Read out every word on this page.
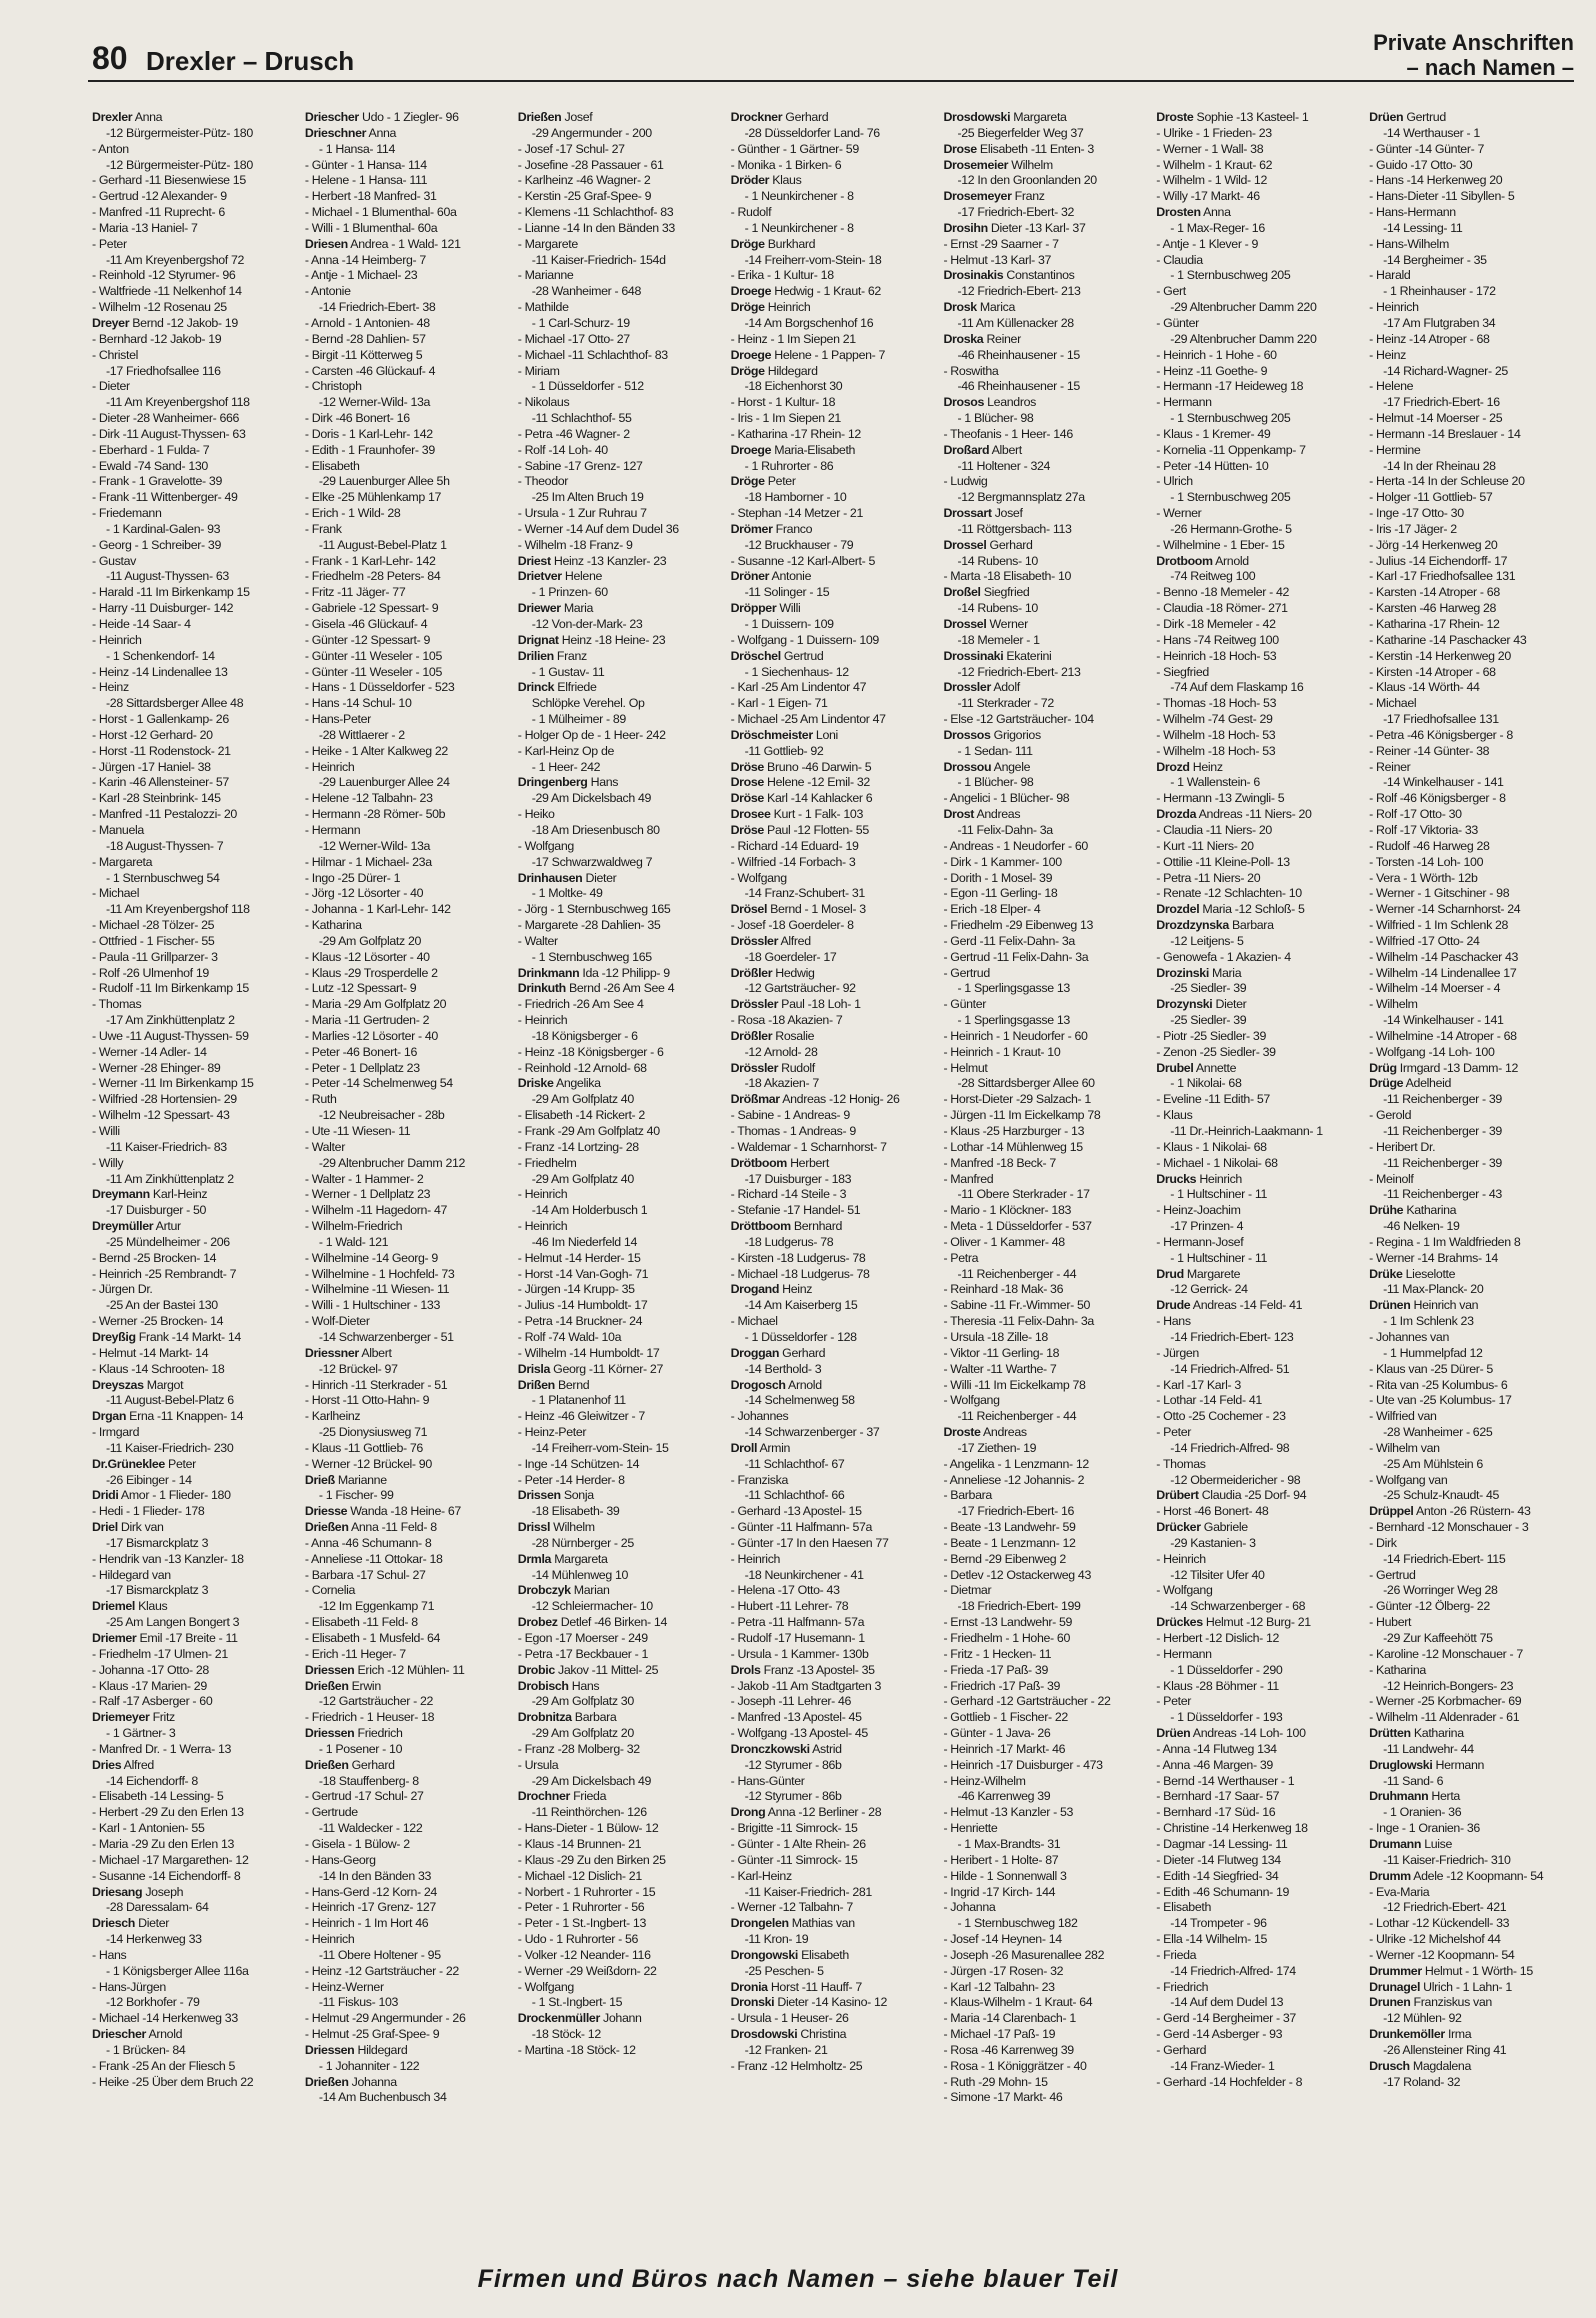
80 Drexler – Drusch
Private Anschriften
– nach Namen –
Drexler Anna
-12 Bürgermeister-Pütz- 180
- Anton
-12 Bürgermeister-Pütz- 180
- Gerhard -11 Biesenwiese 15
- Gertrud -12 Alexander- 9
- Manfred -11 Ruprecht- 6
- Maria -13 Haniel- 7
- Peter
-11 Am Kreyenbergshof 72
- Reinhold -12 Styrumer- 96
- Waltfriede -11 Nelkenhof 14
- Wilhelm -12 Rosenau 25
Dreyer Bernd -12 Jakob- 19
- Bernhard -12 Jakob- 19
- Christel
-17 Friedhofsallee 116
- Dieter
-11 Am Kreyenbergshof 118
- Dieter -28 Wanheimer- 666
- Dirk -11 August-Thyssen- 63
- Eberhard - 1 Fulda- 7
- Ewald -74 Sand- 130
- Frank - 1 Gravelotte- 39
- Frank -11 Wittenberger- 49
- Friedemann
- 1 Kardinal-Galen- 93
- Georg - 1 Schreiber- 39
- Gustav
-11 August-Thyssen- 63
- Harald -11 Im Birkenkamp 15
- Harry -11 Duisburger- 142
- Heide -14 Saar- 4
- Heinrich
- 1 Schenkendorf- 14
- Heinz -14 Lindenallee 13
- Heinz
-28 Sittardsberger Allee 48
- Horst - 1 Gallenkamp- 26
- Horst -12 Gerhard- 20
- Horst -11 Rodenstock- 21
- Jürgen -17 Haniel- 38
- Karin -46 Allensteiner- 57
- Karl -28 Steinbrink- 145
- Manfred -11 Pestalozzi- 20
- Manuela
-18 August-Thyssen- 7
- Margareta
- 1 Sternbuschweg 54
- Michael
-11 Am Kreyenbergshof 118
- Michael -28 Tölzer- 25
- Ottfried - 1 Fischer- 55
- Paula -11 Grillparzer- 3
- Rolf -26 Ulmenhof 19
- Rudolf -11 Im Birkenkamp 15
- Thomas
-17 Am Zinkhüttenplatz 2
- Uwe -11 August-Thyssen- 59
- Werner -14 Adler- 14
- Werner -28 Ehinger- 89
- Werner -11 Im Birkenkamp 15
- Wilfried -28 Hortensien- 29
- Wilhelm -12 Spessart- 43
- Willi
-11 Kaiser-Friedrich- 83
- Willy
-11 Am Zinkhüttenplatz 2
Dreymann Karl-Heinz
-17 Duisburger - 50
Dreymüller Artur
-25 Mündelheimer - 206
- Bernd -25 Brocken- 14
- Heinrich -25 Rembrandt- 7
- Jürgen Dr.
-25 An der Bastei 130
- Werner -25 Brocken- 14
Dreyßig Frank -14 Markt- 14
- Helmut -14 Markt- 14
- Klaus -14 Schrooten- 18
Dreyszas Margot
-11 August-Bebel-Platz 6
Drgan Erna -11 Knappen- 14
- Irmgard
-11 Kaiser-Friedrich- 230
Dr.Grüneklee Peter
-26 Eibinger - 14
Dridi Amor - 1 Flieder- 180
- Hedi - 1 Flieder- 178
Driel Dirk van
-17 Bismarckplatz 3
- Hendrik van -13 Kanzler- 18
- Hildegard van
-17 Bismarckplatz 3
Driemel Klaus
-25 Am Langen Bongert 3
Driemer Emil -17 Breite - 11
- Friedhelm -17 Ulmen- 21
- Johanna -17 Otto- 28
- Klaus -17 Marien- 29
- Ralf -17 Asberger - 60
Driemeyer Fritz
- 1 Gärtner- 3
- Manfred Dr. - 1 Werra- 13
Dries Alfred
-14 Eichendorff- 8
- Elisabeth -14 Lessing- 5
- Herbert -29 Zu den Erlen 13
- Karl - 1 Antonien- 55
- Maria -29 Zu den Erlen 13
- Michael -17 Margarethen- 12
- Susanne -14 Eichendorff- 8
Driesang Joseph
-28 Daressalam- 64
Driesch Dieter
-14 Herkenweg 33
- Hans
- 1 Königsberger Allee 116a
- Hans-Jürgen
-12 Borkhofer - 79
- Michael -14 Herkenweg 33
Driescher Arnold
- 1 Brücken- 84
- Frank -25 An der Fliesch 5
- Heike -25 Über dem Bruch 22
Driescher Udo - 1 Ziegler- 96
Drieschner Anna
- 1 Hansa- 114
- Günter - 1 Hansa- 114
- Helene - 1 Hansa- 111
- Herbert -18 Manfred- 31
- Michael - 1 Blumenthal- 60a
- Willi - 1 Blumenthal- 60a
Driesen Andrea - 1 Wald- 121
- Anna -14 Heimberg- 7
- Antje - 1 Michael- 23
- Antonie
-14 Friedrich-Ebert- 38
- Arnold - 1 Antonien- 48
- Bernd -28 Dahlien- 57
- Birgit -11 Kötterweg 5
- Carsten -46 Glückauf- 4
- Christoph
-12 Werner-Wild- 13a
- Dirk -46 Bonert- 16
- Doris - 1 Karl-Lehr- 142
- Edith - 1 Fraunhofer- 39
- Elisabeth
-29 Lauenburger Allee 5h
- Elke -25 Mühlenkamp 17
- Erich - 1 Wild- 28
- Frank
-11 August-Bebel-Platz 1
- Frank - 1 Karl-Lehr- 142
- Friedhelm -28 Peters- 84
- Fritz -11 Jäger- 77
- Gabriele -12 Spessart- 9
- Gisela -46 Glückauf- 4
- Günter -12 Spessart- 9
- Günter -11 Weseler - 105
- Günter -11 Weseler - 105
- Hans - 1 Düsseldorfer - 523
- Hans -14 Schul- 10
- Hans-Peter
-28 Wittlaerer - 2
- Heike - 1 Alter Kalkweg 22
- Heinrich
-29 Lauenburger Allee 24
- Helene -12 Talbahn- 23
- Hermann -28 Römer- 50b
- Hermann
-12 Werner-Wild- 13a
- Hilmar - 1 Michael- 23a
- Ingo -25 Dürer- 1
- Jörg -12 Lösorter - 40
- Johanna - 1 Karl-Lehr- 142
- Katharina
-29 Am Golfplatz 20
- Klaus -12 Lösorter - 40
- Klaus -29 Trosperdelle 2
- Lutz -12 Spessart- 9
- Maria -29 Am Golfplatz 20
- Maria -11 Gertruden- 2
- Marlies -12 Lösorter - 40
- Peter -46 Bonert- 16
- Peter - 1 Dellplatz 23
- Peter -14 Schelmenweg 54
- Ruth
-12 Neubreisacher - 28b
- Ute -11 Wiesen- 11
- Walter
-29 Altenbrucher Damm 212
- Walter - 1 Hammer- 2
- Werner - 1 Dellplatz 23
- Wilhelm -11 Hagedorn- 47
- Wilhelm-Friedrich
- 1 Wald- 121
- Wilhelmine -14 Georg- 9
- Wilhelmine - 1 Hochfeld- 73
- Wilhelmine -11 Wiesen- 11
- Willi - 1 Hultschiner - 133
- Wolf-Dieter
-14 Schwarzenberger - 51
Driessner Albert
-12 Brückel- 97
- Hinrich -11 Sterkrader - 51
- Horst -11 Otto-Hahn- 9
- Karlheinz
-25 Dionysiusweg 71
- Klaus -11 Gottlieb- 76
- Werner -12 Brückel- 90
Drieß Marianne
- 1 Fischer- 99
Driesse Wanda -18 Heine- 67
Drießen Anna -11 Feld- 8
- Anna -46 Schumann- 8
- Anneliese -11 Ottokar- 18
- Barbara -17 Schul- 27
- Cornelia
-12 Im Eggenkamp 71
- Elisabeth -11 Feld- 8
- Elisabeth - 1 Musfeld- 64
- Erich -11 Heger- 7
Driessen Erich -12 Mühlen- 11
Drießen Erwin
-12 Gartsträucher - 22
- Friedrich - 1 Heuser- 18
Driessen Friedrich
- 1 Posener - 10
Drießen Gerhard
-18 Stauffenberg- 8
- Gertrud -17 Schul- 27
- Gertrude
-11 Waldecker - 122
- Gisela - 1 Bülow- 2
- Hans-Georg
-14 In den Bänden 33
- Hans-Gerd -12 Korn- 24
- Heinrich -17 Grenz- 127
- Heinrich - 1 Im Hort 46
- Heinrich
-11 Obere Holtener - 95
- Heinz -12 Gartsträucher - 22
- Heinz-Werner
-11 Fiskus- 103
- Helmut -29 Angermunder - 26
- Helmut -25 Graf-Spee- 9
Driessen Hildegard
- 1 Johanniter - 122
Drießen Johanna
-14 Am Buchenbusch 34
Drießen Josef
-29 Angermunder - 200
- Josef -17 Schul- 27
- Josefine -28 Passauer - 61
- Karlheinz -46 Wagner- 2
- Kerstin -25 Graf-Spee- 9
- Klemens -11 Schlachthof- 83
- Lianne -14 In den Bänden 33
- Margarete
-11 Kaiser-Friedrich- 154d
- Marianne
-28 Wanheimer - 648
- Mathilde
- 1 Carl-Schurz- 19
- Michael -17 Otto- 27
- Michael -11 Schlachthof- 83
- Miriam
- 1 Düsseldorfer - 512
- Nikolaus
-11 Schlachthof- 55
- Petra -46 Wagner- 2
- Rolf -14 Loh- 40
- Sabine -17 Grenz- 127
- Theodor
-25 Im Alten Bruch 19
- Ursula - 1 Zur Ruhrau 7
- Werner -14 Auf dem Dudel 36
- Wilhelm -18 Franz- 9
Driest Heinz -13 Kanzler- 23
Drietver Helene
- 1 Prinzen- 60
Driewer Maria
-12 Von-der-Mark- 23
Drignat Heinz -18 Heine- 23
Drilien Franz
- 1 Gustav- 11
Drinck Elfriede
Schlöpke Verehel. Op
- 1 Mülheimer - 89
- Holger Op de - 1 Heer- 242
- Karl-Heinz Op de
- 1 Heer- 242
Dringenberg Hans
-29 Am Dickelsbach 49
- Heiko
-18 Am Driesenbusch 80
- Wolfgang
-17 Schwarzwaldweg 7
Drinhausen Dieter
- 1 Moltke- 49
- Jörg - 1 Sternbuschweg 165
- Margarete -28 Dahlien- 35
- Walter
- 1 Sternbuschweg 165
Drinkmann Ida -12 Philipp- 9
Drinkuth Bernd -26 Am See 4
- Friedrich -26 Am See 4
- Heinrich
-18 Königsberger - 6
- Heinz -18 Königsberger - 6
- Reinhold -12 Arnold- 68
Driske Angelika
-29 Am Golfplatz 40
- Elisabeth -14 Rickert- 2
- Frank -29 Am Golfplatz 40
- Franz -14 Lortzing- 28
- Friedhelm
-29 Am Golfplatz 40
- Heinrich
-14 Am Holderbusch 1
- Heinrich
-46 Im Niederfeld 14
- Helmut -14 Herder- 15
- Horst -14 Van-Gogh- 71
- Jürgen -14 Krupp- 35
- Julius -14 Humboldt- 17
- Petra -14 Bruckner- 24
- Rolf -74 Wald- 10a
- Wilhelm -14 Humboldt- 17
Drisla Georg -11 Körner- 27
Drißen Bernd
- 1 Platanenhof 11
- Heinz -46 Gleiwitzer - 7
- Heinz-Peter
-14 Freiherr-vom-Stein- 15
- Inge -14 Schützen- 14
- Peter -14 Herder- 8
Drissen Sonja
-18 Elisabeth- 39
Drissl Wilhelm
-28 Nürnberger - 25
Drmla Margareta
-14 Mühlenweg 10
Drobczyk Marian
-12 Schleiermacher- 10
Drobez Detlef -46 Birken- 14
- Egon -17 Moerser - 249
- Petra -17 Beckbauer - 1
Drobic Jakov -11 Mittel- 25
Drobisch Hans
-29 Am Golfplatz 30
Drobnitza Barbara
-29 Am Golfplatz 20
- Franz -28 Molberg- 32
- Ursula
-29 Am Dickelsbach 49
Drochner Frieda
-11 Reinthörchen- 126
- Hans-Dieter - 1 Bülow- 12
- Klaus -14 Brunnen- 21
- Klaus -29 Zu den Birken 25
- Michael -12 Dislich- 21
- Norbert - 1 Ruhrorter - 15
- Peter - 1 Ruhrorter - 56
- Peter - 1 St.-Ingbert- 13
- Udo - 1 Ruhrorter - 56
- Volker -12 Neander- 116
- Werner -29 Weißdorn- 22
- Wolfgang
- 1 St.-Ingbert- 15
Drockenmüller Johann
-18 Stöck- 12
- Martina -18 Stöck- 12
Drockner Gerhard
-28 Düsseldorfer Land- 76
- Günther - 1 Gärtner- 59
- Monika - 1 Birken- 6
Dröder Klaus
- 1 Neunkirchener - 8
- Rudolf
- 1 Neunkirchener - 8
Dröge Burkhard
-14 Freiherr-vom-Stein- 18
- Erika - 1 Kultur- 18
Droege Hedwig - 1 Kraut- 62
Dröge Heinrich
-14 Am Borgschenhof 16
- Heinz - 1 Im Siepen 21
Droege Helene - 1 Pappen- 7
Dröge Hildegard
-18 Eichenhorst 30
- Horst - 1 Kultur- 18
- Iris - 1 Im Siepen 21
- Katharina -17 Rhein- 12
Droege Maria-Elisabeth
- 1 Ruhrorter - 86
Dröge Peter
-18 Hamborner - 10
- Stephan -14 Metzer - 21
Drömer Franco
-12 Bruckhauser - 79
- Susanne -12 Karl-Albert- 5
Dröner Antonie
-11 Solinger - 15
Dröpper Willi
- 1 Duissern- 109
- Wolfgang - 1 Duissern- 109
Dröschel Gertrud
- 1 Siechenhaus- 12
- Karl -25 Am Lindentor 47
- Karl - 1 Eigen- 71
- Michael -25 Am Lindentor 47
Dröschmeister Loni
-11 Gottlieb- 92
Dröse Bruno -46 Darwin- 5
Drose Helene -12 Emil- 32
Dröse Karl -14 Kahlacker 6
Drosee Kurt - 1 Falk- 103
Dröse Paul -12 Flotten- 55
- Richard -14 Eduard- 19
- Wilfried -14 Forbach- 3
- Wolfgang
-14 Franz-Schubert- 31
Drösel Bernd - 1 Mosel- 3
- Josef -18 Goerdeler- 8
Drössler Alfred
-18 Goerdeler- 17
Drößler Hedwig
-12 Gartsträucher- 92
Drössler Paul -18 Loh- 1
- Rosa -18 Akazien- 7
Drößler Rosalie
-12 Arnold- 28
Drössler Rudolf
-18 Akazien- 7
Drößmar Andreas -12 Honig- 26
- Sabine - 1 Andreas- 9
- Thomas - 1 Andreas- 9
- Waldemar - 1 Scharnhorst- 7
Drötboom Herbert
-17 Duisburger - 183
- Richard -14 Steile - 3
- Stefanie -17 Handel- 51
Dröttboom Bernhard
-18 Ludgerus- 78
- Kirsten -18 Ludgerus- 78
- Michael -18 Ludgerus- 78
Drogand Heinz
-14 Am Kaiserberg 15
- Michael
- 1 Düsseldorfer - 128
Droggan Gerhard
-14 Berthold- 3
Drogosch Arnold
-14 Schelmenweg 58
- Johannes
-14 Schwarzenberger - 37
Droll Armin
-11 Schlachthof- 67
- Franziska
-11 Schlachthof- 66
- Gerhard -13 Apostel- 15
- Günter -11 Halfmann- 57a
- Günter -17 In den Haesen 77
- Heinrich
-18 Neunkirchener - 41
- Helena -17 Otto- 43
- Hubert -11 Lehrer- 78
- Petra -11 Halfmann- 57a
- Rudolf -17 Husemann- 1
- Ursula - 1 Kammer- 130b
Drols Franz -13 Apostel- 35
- Jakob -11 Am Stadtgarten 3
- Joseph -11 Lehrer- 46
- Manfred -13 Apostel- 45
- Wolfgang -13 Apostel- 45
Dronczkowski Astrid
-12 Styrumer - 86b
- Hans-Günter
-12 Styrumer - 86b
Drong Anna -12 Berliner - 28
- Brigitte -11 Simrock- 15
- Günter - 1 Alte Rhein- 26
- Günter -11 Simrock- 15
- Karl-Heinz
-11 Kaiser-Friedrich- 281
- Werner -12 Talbahn- 7
Drongelen Mathias van
-11 Kron- 19
Drongowski Elisabeth
-25 Peschen- 5
Dronia Horst -11 Hauff- 7
Dronski Dieter -14 Kasino- 12
- Ursula - 1 Heuser- 26
Drosdowski Christina
-12 Franken- 21
- Franz -12 Helmholtz- 25
Drosdowski Margareta
-25 Biegerfelder Weg 37
Drose Elisabeth -11 Enten- 3
Drosemeier Wilhelm
-12 In den Groonlanden 20
Drosemeyer Franz
-17 Friedrich-Ebert- 32
Drosihn Dieter -13 Karl- 37
- Ernst -29 Saarner - 7
- Helmut -13 Karl- 37
Drosinakis Constantinos
-12 Friedrich-Ebert- 213
Drosk Marica
-11 Am Küllenacker 28
Droska Reiner
-46 Rheinhausener - 15
- Roswitha
-46 Rheinhausener - 15
Drosos Leandros
- 1 Blücher- 98
- Theofanis - 1 Heer- 146
Droßard Albert
-11 Holtener - 324
- Ludwig
-12 Bergmannsplatz 27a
Drossart Josef
-11 Röttgersbach- 113
Drossel Gerhard
-14 Rubens- 10
- Marta -18 Elisabeth- 10
Droßel Siegfried
-14 Rubens- 10
Drossel Werner
-18 Memeler - 1
Drossinaki Ekaterini
-12 Friedrich-Ebert- 213
Drossler Adolf
-11 Sterkrader - 72
- Else -12 Gartsträucher- 104
Drossos Grigorios
- 1 Sedan- 111
Drossou Angele
- 1 Blücher- 98
- Angelici - 1 Blücher- 98
Drost Andreas
-11 Felix-Dahn- 3a
- Andreas - 1 Neudorfer - 60
- Dirk - 1 Kammer- 100
- Dorith - 1 Mosel- 39
- Egon -11 Gerling- 18
- Erich -18 Elper- 4
- Friedhelm -29 Eibenweg 13
- Gerd -11 Felix-Dahn- 3a
- Gertrud -11 Felix-Dahn- 3a
- Gertrud
- 1 Sperlingsgasse 13
- Günter
- 1 Sperlingsgasse 13
- Heinrich - 1 Neudorfer - 60
- Heinrich - 1 Kraut- 10
- Helmut
-28 Sittardsberger Allee 60
- Horst-Dieter -29 Salzach- 1
- Jürgen -11 Im Eickelkamp 78
- Klaus -25 Harzburger - 13
- Lothar -14 Mühlenweg 15
- Manfred -18 Beck- 7
- Manfred
-11 Obere Sterkrader - 17
- Mario - 1 Klöckner- 183
- Meta - 1 Düsseldorfer - 537
- Oliver - 1 Kammer- 48
- Petra
-11 Reichenberger - 44
- Reinhard -18 Mak- 36
- Sabine -11 Fr.-Wimmer- 50
- Theresia -11 Felix-Dahn- 3a
- Ursula -18 Zille- 18
- Viktor -11 Gerling- 18
- Walter -11 Warthe- 7
- Willi -11 Im Eickelkamp 78
- Wolfgang
-11 Reichenberger - 44
Droste Andreas
-17 Ziethen- 19
- Angelika - 1 Lenzmann- 12
- Anneliese -12 Johannis- 2
- Barbara
-17 Friedrich-Ebert- 16
- Beate -13 Landwehr- 59
- Beate - 1 Lenzmann- 12
- Bernd -29 Eibenweg 2
- Detlev -12 Ostackerweg 43
- Dietmar
-18 Friedrich-Ebert- 199
- Ernst -13 Landwehr- 59
- Friedhelm - 1 Hohe- 60
- Fritz - 1 Hecken- 11
- Frieda -17 Paß- 39
- Friedrich -17 Paß- 39
- Gerhard -12 Gartsträucher - 22
- Gottlieb - 1 Fischer- 22
- Günter - 1 Java- 26
- Heinrich -17 Markt- 46
- Heinrich -17 Duisburger - 473
- Heinz-Wilhelm
-46 Karrenweg 39
- Helmut -13 Kanzler - 53
- Henriette
- 1 Max-Brandts- 31
- Heribert - 1 Holte- 87
- Hilde - 1 Sonnenwall 3
- Ingrid -17 Kirch- 144
- Johanna
- 1 Sternbuschweg 182
- Josef -14 Heynen- 14
- Joseph -26 Masurenallee 282
- Jürgen -17 Rosen- 32
- Karl -12 Talbahn- 23
- Klaus-Wilhelm - 1 Kraut- 64
- Maria -14 Clarenbach- 1
- Michael -17 Paß- 19
- Rosa -46 Karrenweg 39
- Rosa - 1 Königgrätzer - 40
- Ruth -29 Mohn- 15
- Simone -17 Markt- 46
Droste Sophie -13 Kasteel- 1
- Ulrike - 1 Frieden- 23
- Werner - 1 Wall- 38
- Wilhelm - 1 Kraut- 62
- Wilhelm - 1 Wild- 12
- Willy -17 Markt- 46
Drosten Anna
- 1 Max-Reger- 16
- Antje - 1 Klever - 9
- Claudia
- 1 Sternbuschweg 205
- Gert
-29 Altenbrucher Damm 220
- Günter
-29 Altenbrucher Damm 220
- Heinrich - 1 Hohe - 60
- Heinz -11 Goethe- 9
- Hermann -17 Heideweg 18
- Hermann
- 1 Sternbuschweg 205
- Klaus - 1 Kremer- 49
- Kornelia -11 Oppenkamp- 7
- Peter -14 Hütten- 10
- Ulrich
- 1 Sternbuschweg 205
- Werner
-26 Hermann-Grothe- 5
- Wilhelmine - 1 Eber- 15
Drotboom Arnold
-74 Reitweg 100
- Benno -18 Memeler - 42
- Claudia -18 Römer- 271
- Dirk -18 Memeler - 42
- Hans -74 Reitweg 100
- Heinrich -18 Hoch- 53
- Siegfried
-74 Auf dem Flaskamp 16
- Thomas -18 Hoch- 53
- Wilhelm -74 Gest- 29
- Wilhelm -18 Hoch- 53
- Wilhelm -18 Hoch- 53
Drozd Heinz
- 1 Wallenstein- 6
- Hermann -13 Zwingli- 5
Drozda Andreas -11 Niers- 20
- Claudia -11 Niers- 20
- Kurt -11 Niers- 20
- Ottilie -11 Kleine-Poll- 13
- Petra -11 Niers- 20
- Renate -12 Schlachten- 10
Drozdel Maria -12 Schloß- 5
Drozdzynska Barbara
-12 Leitjens- 5
- Genowefa - 1 Akazien- 4
Drozinski Maria
-25 Siedler- 39
Drozynski Dieter
-25 Siedler- 39
- Piotr -25 Siedler- 39
- Zenon -25 Siedler- 39
Drubel Annette
- 1 Nikolai- 68
- Eveline -11 Edith- 57
- Klaus
-11 Dr.-Heinrich-Laakmann- 1
- Klaus - 1 Nikolai- 68
- Michael - 1 Nikolai- 68
Drucks Heinrich
- 1 Hultschiner - 11
- Heinz-Joachim
-17 Prinzen- 4
- Hermann-Josef
- 1 Hultschiner - 11
Drud Margarete
-12 Gerrick- 24
Drude Andreas -14 Feld- 41
- Hans
-14 Friedrich-Ebert- 123
- Jürgen
-14 Friedrich-Alfred- 51
- Karl -17 Karl- 3
- Lothar -14 Feld- 41
- Otto -25 Cochemer - 23
- Peter
-14 Friedrich-Alfred- 98
- Thomas
-12 Obermeidericher - 98
Drübert Claudia -25 Dorf- 94
- Horst -46 Bonert- 48
Drücker Gabriele
-29 Kastanien- 3
- Heinrich
-12 Tilsiter Ufer 40
- Wolfgang
-14 Schwarzenberger - 68
Drückes Helmut -12 Burg- 21
- Herbert -12 Dislich- 12
- Hermann
- 1 Düsseldorfer - 290
- Klaus -28 Böhmer - 11
- Peter
- 1 Düsseldorfer - 193
Drüen Andreas -14 Loh- 100
- Anna -14 Flutweg 134
- Anna -46 Margen- 39
- Bernd -14 Werthauser - 1
- Bernhard -17 Saar- 57
- Bernhard -17 Süd- 16
- Christine -14 Herkenweg 18
- Dagmar -14 Lessing- 11
- Dieter -14 Flutweg 134
- Edith -14 Siegfried- 34
- Edith -46 Schumann- 19
- Elisabeth
-14 Trompeter - 96
- Ella -14 Wilhelm- 15
- Frieda
-14 Friedrich-Alfred- 174
- Friedrich
-14 Auf dem Dudel 13
- Gerd -14 Bergheimer - 37
- Gerd -14 Asberger - 93
- Gerhard
-14 Franz-Wieder- 1
- Gerhard -14 Hochfelder - 8
Drüen Gertrud
-14 Werthauser - 1
- Günter -14 Günter- 7
- Guido -17 Otto- 30
- Hans -14 Herkenweg 20
- Hans-Dieter -11 Sibyllen- 5
- Hans-Hermann
-14 Lessing- 11
- Hans-Wilhelm
-14 Bergheimer - 35
- Harald
- 1 Rheinhauser - 172
- Heinrich
-17 Am Flutgraben 34
- Heinz -14 Atroper - 68
- Heinz
-14 Richard-Wagner- 25
- Helene
-17 Friedrich-Ebert- 16
- Helmut -14 Moerser - 25
- Hermann -14 Breslauer - 14
- Hermine
-14 In der Rheinau 28
- Herta -14 In der Schleuse 20
- Holger -11 Gottlieb- 57
- Inge -17 Otto- 30
- Iris -17 Jäger- 2
- Jörg -14 Herkenweg 20
- Julius -14 Eichendorff- 17
- Karl -17 Friedhofsallee 131
- Karsten -14 Atroper - 68
- Karsten -46 Harweg 28
- Katharina -17 Rhein- 12
- Katharine -14 Paschacker 43
- Kerstin -14 Herkenweg 20
- Kirsten -14 Atroper - 68
- Klaus -14 Wörth- 44
- Michael
-17 Friedhofsallee 131
- Petra -46 Königsberger - 8
- Reiner -14 Günter- 38
- Reiner
-14 Winkelhauser - 141
- Rolf -46 Königsberger - 8
- Rolf -17 Otto- 30
- Rolf -17 Viktoria- 33
- Rudolf -46 Harweg 28
- Torsten -14 Loh- 100
- Vera - 1 Wörth- 12b
- Werner - 1 Gitschiner - 98
- Werner -14 Scharnhorst- 24
- Wilfried - 1 Im Schlenk 28
- Wilfried -17 Otto- 24
- Wilhelm -14 Paschacker 43
- Wilhelm -14 Lindenallee 17
- Wilhelm -14 Moerser - 4
- Wilhelm
-14 Winkelhauser - 141
- Wilhelmine -14 Atroper - 68
- Wolfgang -14 Loh- 100
Drüg Irmgard -13 Damm- 12
Drüge Adelheid
-11 Reichenberger - 39
- Gerold
-11 Reichenberger - 39
- Heribert Dr.
-11 Reichenberger - 39
- Meinolf
-11 Reichenberger - 43
Drühe Katharina
-46 Nelken- 19
- Regina - 1 Im Waldfrieden 8
- Werner -14 Brahms- 14
Drüke Lieselotte
-11 Max-Planck- 20
Drünen Heinrich van
- 1 Im Schlenk 23
- Johannes van
- 1 Hummelpfad 12
- Klaus van -25 Dürer- 5
- Rita van -25 Kolumbus- 6
- Ute van -25 Kolumbus- 17
- Wilfried van
-28 Wanheimer - 625
- Wilhelm van
-25 Am Mühlstein 6
- Wolfgang van
-25 Schulz-Knaudt- 45
Drüppel Anton -26 Rüstern- 43
- Bernhard -12 Monschauer - 3
- Dirk
-14 Friedrich-Ebert- 115
- Gertrud
-26 Worringer Weg 28
- Günter -12 Ölberg- 22
- Hubert
-29 Zur Kaffeehött 75
- Karoline -12 Monschauer - 7
- Katharina
-12 Heinrich-Bongers- 23
- Werner -25 Korbmacher- 69
- Wilhelm -11 Aldenrader - 61
Drütten Katharina
-11 Landwehr- 44
Druglowski Hermann
-11 Sand- 6
Druhmann Herta
- 1 Oranien- 36
- Inge - 1 Oranien- 36
Drumann Luise
-11 Kaiser-Friedrich- 310
Drumm Adele -12 Koopmann- 54
- Eva-Maria
-12 Friedrich-Ebert- 421
- Lothar -12 Kückendell- 33
- Ulrike -12 Michelshof 44
- Werner -12 Koopmann- 54
Drummer Helmut - 1 Wörth- 15
Drunagel Ulrich - 1 Lahn- 1
Drunen Franziskus van
-12 Mühlen- 92
Drunkemöller Irma
-26 Allensteiner Ring 41
Drusch Magdalena
-17 Roland- 32
Firmen und Büros nach Namen – siehe blauer Teil
